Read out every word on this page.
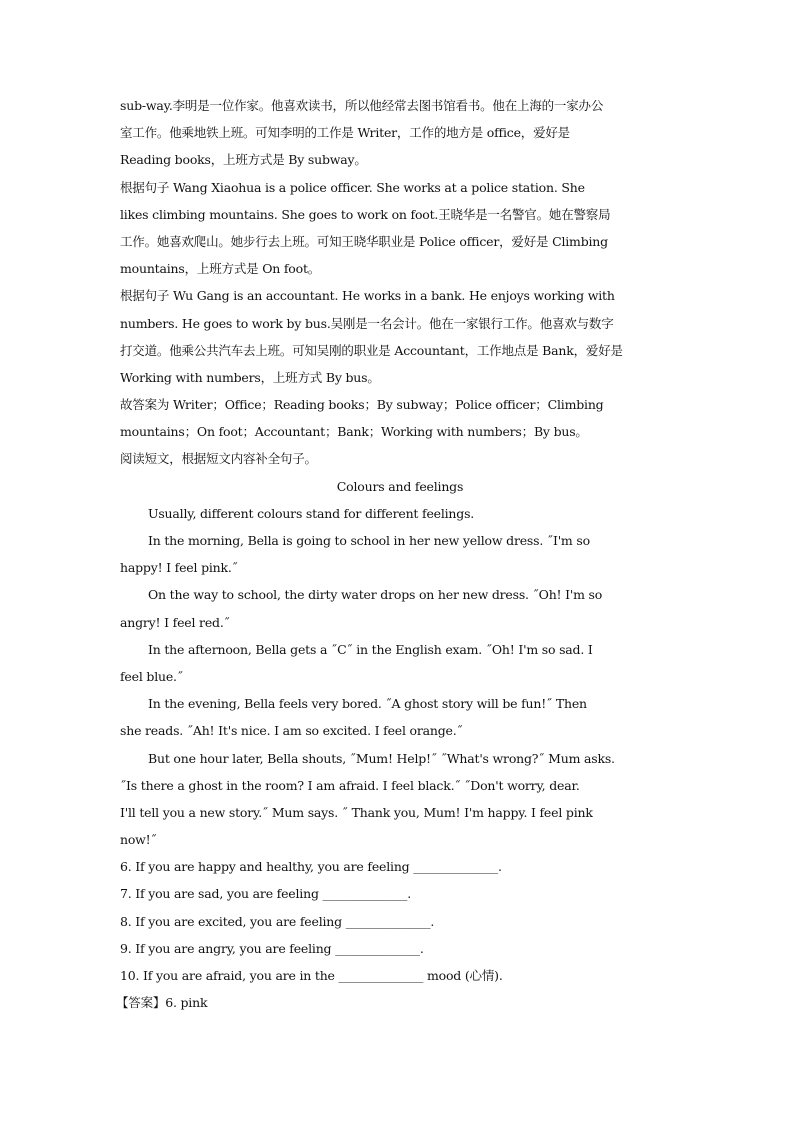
sub-way.李明是一位作家。他喜欢读书，所以他经常去图书馆看书。他在上海的一家办公
室工作。他乘地铁上班。可知李明的工作是 Writer，工作的地方是 office，爱好是
Reading books，上班方式是 By subway。
根据句子 Wang Xiaohua is a police officer. She works at a police station. She
likes climbing mountains. She goes to work on foot.王晓华是一名警官。她在警察局
工作。她喜欢爬山。她步行去上班。可知王晓华职业是 Police officer，爱好是 Climbing
mountains，上班方式是 On foot。
根据句子 Wu Gang is an accountant. He works in a bank. He enjoys working with
numbers. He goes to work by bus.吴刚是一名会计。他在一家银行工作。他喜欢与数字
打交道。他乘公共汽车去上班。可知吴刚的职业是 Accountant，工作地点是 Bank，爱好是
Working with numbers，上班方式 By bus。
故答案为 Writer；Office；Reading books；By subway；Police officer；Climbing
mountains；On foot；Accountant；Bank；Working with numbers；By bus。
阅读短文，根据短文内容补全句子。
Colours and feelings
Usually, different colours stand for different feelings.
In the morning, Bella is going to school in her new yellow dress. ˝I'm so
happy! I feel pink.˝
On the way to school, the dirty water drops on her new dress. ˝Oh! I'm so
angry! I feel red.˝
In the afternoon, Bella gets a ˝C˝ in the English exam. ˝Oh! I'm so sad. I
feel blue.˝
In the evening, Bella feels very bored. ˝A ghost story will be fun!˝ Then
she reads. ˝Ah! It's nice. I am so excited. I feel orange.˝
But one hour later, Bella shouts, ˝Mum! Help!˝ ˝What's wrong?˝ Mum asks.
˝Is there a ghost in the room? I am afraid. I feel black.˝ ˝Don't worry, dear.
I'll tell you a new story.˝ Mum says. ˝ Thank you, Mum! I'm happy. I feel pink
now!˝
6. If you are happy and healthy, you are feeling ______________.
7. If you are sad, you are feeling ______________.
8. If you are excited, you are feeling ______________.
9. If you are angry, you are feeling ______________.
10. If you are afraid, you are in the ______________ mood (心情).
【答案】6. pink
